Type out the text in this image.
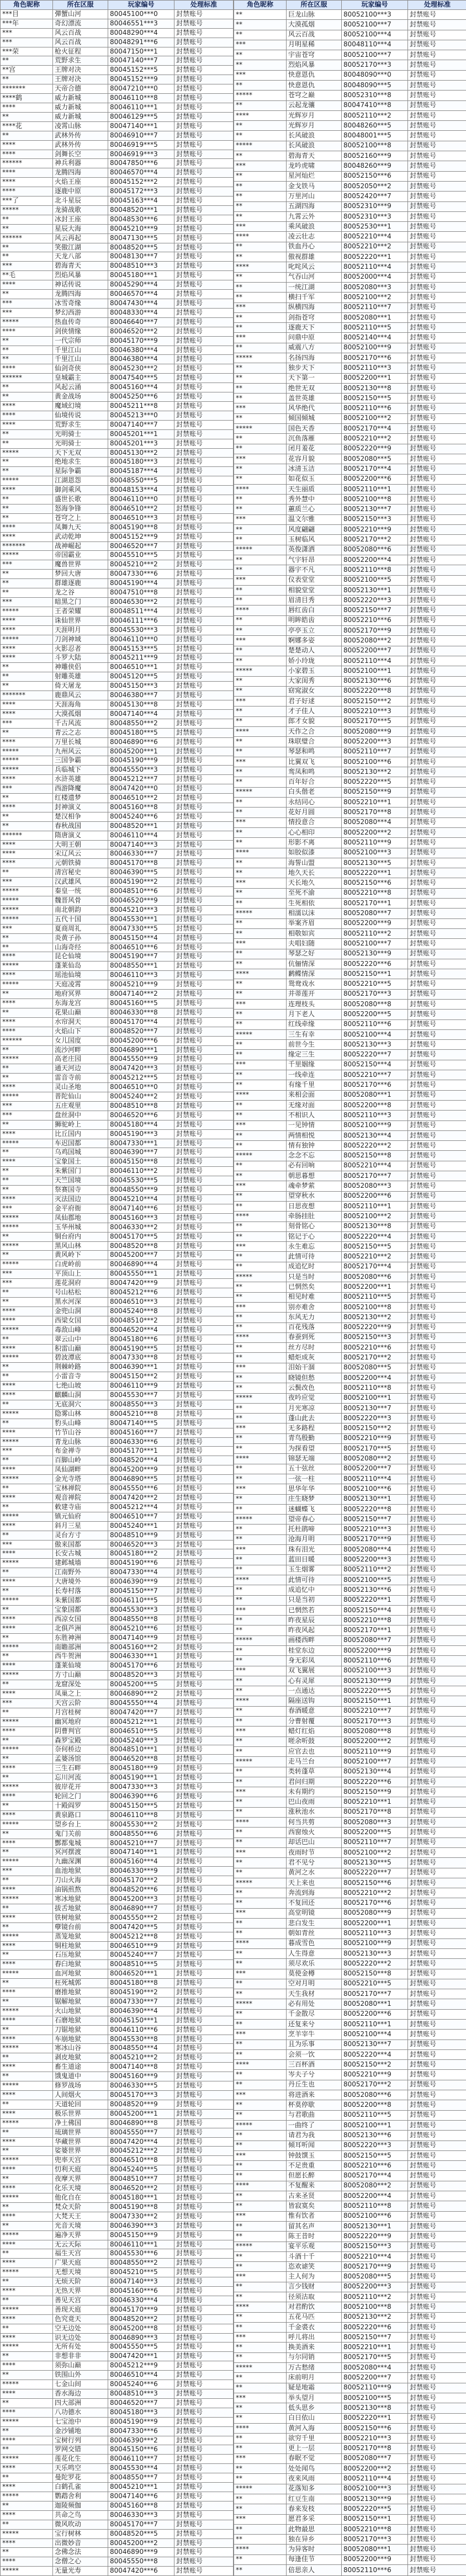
角色昵称	所在区服	玩家编号	处理标准
***目	彈蟹山河	80045100***0	封禁账号
***年	奇幻漂流	80046551***3	封禁账号
***	风云百战	80048290***4	封禁账号
***	风云百战	80048291***6	封禁账号
***荣	枪火征程	80047150***1	封禁账号
**	荒野求生	80047140***7	封禁账号
**宫	王牌对决	80045152***5	封禁账号
**	王牌对决	80045152***9	封禁账号
*******	天帝合德	80047210***0	封禁账号
****鹤	威力新城	80046110***8	封禁账号
****	威力新城	80046110***1	封禁账号
**	威力新城	80046129***5	封禁账号
****花	凌霄山脉	80047140***1	封禁账号
**	武林外传	80046910***7	封禁账号
****	武林外传	80046919***5	封禁账号
****	剑舞长空	80046919***3	封禁账号
******	神兵利器	80047850***6	封禁账号
****	龙腾四海	80046570***4	封禁账号
****	火焰王座	80045152***2	封禁账号
****	逐鹿中原	80045172***3	封禁账号
***了	北斗星辰	80045163***4	封禁账号
*****	龙骑战歌	80048520***1	封禁账号
**	冰封王座	80048530***6	封禁账号
**	星辰大海	80045210***9	封禁账号
******	风云再起	80047130***5	封禁账号
**	笑傲江湖	80048520***5	封禁账号
**	天龙八部	80048130***7	封禁账号
***	碧海青天	80048510***3	封禁账号
**毛	烈焰风暴	80045180***1	封禁账号
****	神话传说	80045290***4	封禁账号
**	龙腾四海	80046570***4	封禁账号
***	冰雪奇缘	80047430***4	封禁账号
***	梦幻西游	80048330***4	封禁账号
*****	热血传奇	80046640***7	封禁账号
****	剑侠情缘	80046520***2	封禁账号
**	一代宗师	80045170***9	封禁账号
**	千里江山	80046380***4	封禁账号
**	千里江山	80046380***4	封禁账号
****	仙剑奇侠	80045230***2	封禁账号
******	皇城霸主	80047540***5	封禁账号
**	风起云涌	80045160***4	封禁账号
**	黄金战场	80045250***6	封禁账号
****	魔域幻境	80045211***8	封禁账号
****	仙境传说	80045213***0	封禁账号
****	荒野求生	80047140***7	封禁账号
**	光明骑士	80045201***1	封禁账号
**	光明骑士	80045201***3	封禁账号
*****	天下无双	80045130***2	封禁账号
**	绝地求生	80045180***3	封禁账号
**	星际争霸	80045187***4	封禁账号
*****	江湖恩怨	80048550***5	封禁账号
****	御剑乘风	80048153***4	封禁账号
**	盛世长歌	80046110***0	封禁账号
**	怒海争锋	80046510***2	封禁账号
**	苍穹之上	80046510***3	封禁账号
****	凤舞九天	80045190***8	封禁账号
****	武动乾坤	80045152***9	封禁账号
*******	战神崛起	80046520***7	封禁账号
*****	帝国霸业	80045510***5	封禁账号
***	魔兽世界	80045210***2	封禁账号
**	梦回大唐	80047330***6	封禁账号
**	群雄逐鹿	80045190***4	封禁账号
**	龙之谷	80047510***8	封禁账号
***	暗黑之门	80046530***2	封禁账号
*****	王者荣耀	80048511***4	封禁账号
****	诛仙世界	80046111***6	封禁账号
****	天涯明月	80045530***3	封禁账号
*****	刀剑神域	80046110***0	封禁账号
****	火影忍者	80045153***5	封禁账号
****	斗罗大陆	80045211***9	封禁账号
**	神雕侠侣	80046510***1	封禁账号
**	射雕英雄	80045120***5	封禁账号
**	倚天屠龙	80045150***3	封禁账号
*******	鹿鼎风云	80046380***7	封禁账号
****	天涯海角	80045130***8	封禁账号
****	大漠孤烟	80047140***4	封禁账号
***	千古风流	80048550***2	封禁账号
**	青云之志	80045180***5	封禁账号
****	万里长城	80046890***6	封禁账号
*****	九州风云	80045200***1	封禁账号
*****	三国争霸	80045190***9	封禁账号
*****	兵临城下	80045550***3	封禁账号
****	水浒英雄	80045212***7	封禁账号
***	西游降魔	80047420***0	封禁账号
**	红楼遗梦	80046510***2	封禁账号
****	封神演义	80045160***8	封禁账号
**	楚汉相争	80045240***6	封禁账号
**	春秋战国	80048520***1	封禁账号
******	隋唐演义	80046110***4	封禁账号
****	大明王朝	80047140***3	封禁账号
****	宋辽风云	80046330***7	封禁账号
****	元朝铁骑	80045170***8	封禁账号
**	清宫秘史	80046390***5	封禁账号
***	汉武雄风	80045190***2	封禁账号
*****	秦皇一统	80048510***6	封禁账号
*****	魏晋风骨	80046520***9	封禁账号
*****	南北朝韵	80045210***3	封禁账号
*****	五代十国	80045530***1	封禁账号
***	夏商周礼	80047330***5	封禁账号
**	炎黄子孙	80045150***4	封禁账号
**	山海奇经	80046510***6	封禁账号
****	昆仑仙境	80045190***7	封禁账号
*****	蓬莱仙岛	80048550***1	封禁账号
****	瑶池仙境	80046110***3	封禁账号
*****	天庭凌霄	80045210***9	封禁账号
**	地府冥界	80047140***2	封禁账号
****	东海龙宫	80045160***5	封禁账号
**	花果山巅	80046330***8	封禁账号
****	水帘洞天	80045170***4	封禁账号
****	火焰山下	80048520***7	封禁账号
******	女儿国度	80045200***6	封禁账号
**	流沙河畔	80046890***1	封禁账号
*****	高老庄园	80045550***9	封禁账号
**	通天河边	80047420***3	封禁账号
**	雷音寺前	80045212***5	封禁账号
****	灵山圣地	80046510***0	封禁账号
*****	普陀仙山	80045240***2	封禁账号
***	五庄观里	80048510***8	封禁账号
***	盘丝洞中	80046520***6	封禁账号
**	狮驼岭上	80045180***4	封禁账号
****	比丘国内	80045190***3	封禁账号
*****	车迟国都	80047330***1	封禁账号
**	乌鸡国城	80046390***7	封禁账号
****	宝象国土	80045150***8	封禁账号
**	朱紫国门	80046110***2	封禁账号
**	天竺国境	80045530***5	封禁账号
**	祭赛国寺	80048550***9	封禁账号
****	灭法国边	80045210***4	封禁账号
***	金平府衙	80047140***6	封禁账号
*****	凤仙郡地	80045160***3	封禁账号
*****	玉华州城	80046330***2	封禁账号
**	铜台府内	80045170***5	封禁账号
*****	黑风山林	80048520***8	封禁账号
**	黄风岭下	80045200***7	封禁账号
*****	白虎岭前	80046890***4	封禁账号
***	平顶山上	80045550***1	封禁账号
***	莲花洞府	80047420***9	封禁账号
**	号山枯松	80045212***6	封禁账号
**	黑水河深	80046510***3	封禁账号
****	金兜山洞	80045240***8	封禁账号
****	西梁女国	80048510***2	封禁账号
*****	毒敌山峰	80046520***4	封禁账号
**	翠云山中	80045180***6	封禁账号
****	积雷山巅	80045190***5	封禁账号
*****	碧波潭底	80047330***8	封禁账号
**	荆棘岭路	80046390***1	封禁账号
**	小雷音寺	80045150***2	封禁账号
****	七绝山坡	80046110***9	封禁账号
****	麒麟山洞	80045530***7	封禁账号
**	无底洞穴	80048550***3	封禁账号
*****	隐雾山林	80045210***8	封禁账号
**	豹头山峰	80047140***5	封禁账号
****	竹节山谷	80045160***7	封禁账号
*****	青龙山脉	80046330***6	封禁账号
***	布金禅寺	80045170***1	封禁账号
**	百脚山岭	80048520***4	封禁账号
****	凤仙湖畔	80045200***9	封禁账号
*****	金光寺塔	80046890***5	封禁账号
**	宝林禅院	80045550***6	封禁账号
****	观音禅院	80047420***2	封禁账号
**	敕建寺庙	80045212***4	封禁账号
*****	镇元仙府	80046510***7	封禁账号
****	斜月三星	80045240***1	封禁账号
**	灵台方寸	80048510***9	封禁账号
***	傲来国都	80046520***3	封禁账号
****	长安古城	80045180***2	封禁账号
*****	建邺城墙	80045190***6	封禁账号
**	江南野外	80047330***4	封禁账号
****	大唐境外	80046390***9	封禁账号
**	长寿村落	80045150***7	封禁账号
*****	朱紫国都	80046110***5	封禁账号
**	宝象国都	80045530***3	封禁账号
****	西凉女国	80048550***8	封禁账号
****	北俱芦洲	80045210***6	封禁账号
**	东胜神洲	80047140***9	封禁账号
*****	南瞻部洲	80045160***2	封禁账号
**	西牛贺洲	80046330***1	封禁账号
****	蓬莱仙境	80045170***6	封禁账号
*****	方寸山巅	80048520***3	封禁账号
**	龙窟深处	80045200***5	封禁账号
****	凤巢之上	80046890***2	封禁账号
***	天宫云阶	80045550***4	封禁账号
**	月宫桂树	80047420***7	封禁账号
*****	幽冥地府	80045212***1	封禁账号
****	阴曹判官	80046510***5	封禁账号
**	森罗宝殿	80045240***3	封禁账号
*****	奈何桥边	80048510***1	封禁账号
**	孟婆汤馆	80046520***8	封禁账号
****	三生石畔	80045180***9	封禁账号
**	忘川河流	80045190***1	封禁账号
*****	彼岸花开	80047330***3	封禁账号
****	轮回之门	80046390***6	封禁账号
**	十殿阎罗	80045150***5	封禁账号
****	黄泉路口	80046110***8	封禁账号
*****	望乡台上	80045530***2	封禁账号
**	鬼门关前	80048550***6	封禁账号
****	酆都鬼城	80045210***7	封禁账号
**	冥河摆渡	80047140***1	封禁账号
*****	九幽深渊	80045160***4	封禁账号
***	血池地狱	80046330***9	封禁账号
**	刀山火海	80045170***2	封禁账号
****	油锅煎熬	80048520***6	封禁账号
*****	寒冰地狱	80045200***3	封禁账号
**	拔舌地狱	80046890***7	封禁账号
****	铁树地狱	80045550***2	封禁账号
**	孽镜台前	80047420***5	封禁账号
*****	蒸笼地狱	80045212***8	封禁账号
****	铜柱地狱	80046510***9	封禁账号
**	石压地狱	80045240***7	封禁账号
****	舂臼地狱	80048510***5	封禁账号
*****	血河地狱	80046520***1	封禁账号
**	枉死城郭	80045180***8	封禁账号
****	磨推地狱	80045190***2	封禁账号
**	锯解地狱	80047330***7	封禁账号
*****	火山地狱	80046390***4	封禁账号
****	石磨地狱	80045150***1	封禁账号
**	刀锯地狱	80046110***6	封禁账号
****	车崩地狱	80045530***8	封禁账号
*****	寒冰山谷	80048550***4	封禁账号
**	剥皮地狱	80045210***2	封禁账号
****	畜生道途	80047140***8	封禁账号
**	饿鬼道中	80045160***9	封禁账号
*****	修罗战场	80046330***5	封禁账号
****	人间烟火	80045170***3	封禁账号
**	天道轮回	80048520***9	封禁账号
****	极乐世界	80045200***1	封禁账号
*****	净土佛国	80046890***8	封禁账号
**	琉璃世界	80045550***7	封禁账号
****	华藏世界	80047420***4	封禁账号
**	娑婆世界	80045212***2	封禁账号
*****	兜率天宫	80046510***8	封禁账号
****	忉利天庭	80045240***5	封禁账号
**	夜摩天界	80048510***7	封禁账号
****	化乐天境	80046520***2	封禁账号
*****	他化自在	80045180***1	封禁账号
**	梵众天阶	80045190***8	封禁账号
****	大梵天王	80047330***2	封禁账号
**	光音天境	80046390***3	封禁账号
*****	遍净天界	80045150***9	封禁账号
****	无云天际	80046110***1	封禁账号
**	福生天宫	80045530***6	封禁账号
****	广果天庭	80048550***2	封禁账号
*****	无想天境	80045210***5	封禁账号
**	无烦天阶	80047140***3	封禁账号
****	无热天界	80045160***6	封禁账号
**	善见天宫	80046330***4	封禁账号
*****	善现天庭	80045170***9	封禁账号
****	色究竟天	80048520***2	封禁账号
**	空无边处	80045200***8	封禁账号
****	识无边处	80046890***3	封禁账号
*****	无所有处	80045550***5	封禁账号
**	非想非非	80047420***1	封禁账号
****	须弥山巅	80045212***9	封禁账号
**	铁围山外	80046510***4	封禁账号
*****	七金山间	80045240***6	封禁账号
****	香水海边	80048510***3	封禁账号
**	四大部洲	80046520***7	封禁账号
****	八功德水	80045180***3	封禁账号
*****	七宝池中	80045190***9	封禁账号
**	金沙铺地	80047330***6	封禁账号
****	宝树行列	80046390***2	封禁账号
**	罗网交错	80045150***6	封禁账号
*****	莲花化生	80046110***7	封禁账号
****	天乐鸣空	80045530***4	封禁账号
**	曼陀罗花	80048550***7	封禁账号
****	白鹤孔雀	80045210***1	封禁账号
*****	鹦鹉舍利	80047140***6	封禁账号
**	迦陵频伽	80045160***8	封禁账号
****	共命之鸟	80046330***3	封禁账号
**	微风吹动	80045170***7	封禁账号
*****	宝行树林	80048520***5	封禁账号
****	出微妙音	80045200***2	封禁账号
**	念佛念法	80046890***9	封禁账号
****	念僧之心	80045550***8	封禁账号
*****	无量光寿	80047420***6	封禁账号
角色昵称	所在区服	玩家编号	处理标准
**	巨龙山脉	80052100***3	封禁账号
**	大漠孤烟	80052100***7	封禁账号
**	风云百战	80052100***4	封禁账号
***	月明星稀	80048110***4	封禁账号
**	宇宙苍穹	80052100***7	封禁账号
**	烈焰风暴	80052170***3	封禁账号
***	快意恩仇	80048090***0	封禁账号
**	快意恩仇	80048090***5	封禁账号
*****	苍穹之巅	80052310***8	封禁账号
**	云起龙骧	80047410***8	封禁账号
****	光辉岁月	80052110***2	封禁账号
**	光辉岁月	80048260***5	封禁账号
**	长风破浪	80048001***5	封禁账号
*****	长风破浪	80052100***8	封禁账号
**	碧海青天	80052160***9	封禁账号
***	龙吟虎啸	80048260***9	封禁账号
**	星河灿烂	80052150***6	封禁账号
**	金戈铁马	80052050***2	封禁账号
**	万里河山	80052420***7	封禁账号
**	五湖四海	80052310***9	封禁账号
**	九霄云外	80052310***3	封禁账号
***	乘风破浪	80052530***1	封禁账号
****	凌云壮志	80052210***4	封禁账号
**	铁血丹心	80052210***2	封禁账号
**	傲视群雄	80052220***1	封禁账号
****	叱咤风云	80052110***4	封禁账号
**	气吞山河	80052000***4	封禁账号
**	一统江湖	80052080***3	封禁账号
**	横扫千军	80052100***2	封禁账号
***	纵横四海	80052110***7	封禁账号
**	剑指苍穹	80052080***1	封禁账号
**	逐鹿天下	80052110***5	封禁账号
***	问鼎中原	80052140***4	封禁账号
**	威震八方	80052100***9	封禁账号
*****	名扬四海	80052170***6	封禁账号
**	独步天下	80052110***3	封禁账号
**	天下第一	80052200***1	封禁账号
**	绝世无双	80052130***8	封禁账号
**	盖世英雄	80052150***5	封禁账号
***	风华绝代	80052110***6	封禁账号
**	倾国倾城	80052100***2	封禁账号
*****	国色天香	80052170***4	封禁账号
**	沉鱼落雁	80052210***2	封禁账号
**	闭月羞花	80052220***9	封禁账号
***	花容月貌	80052080***5	封禁账号
**	冰清玉洁	80052170***4	封禁账号
**	如花似玉	80052200***6	封禁账号
****	天生丽质	80052110***1	封禁账号
**	秀外慧中	80052100***8	封禁账号
**	蕙质兰心	80052130***7	封禁账号
***	温文尔雅	80052150***3	封禁账号
**	风度翩翩	80052210***9	封禁账号
**	玉树临风	80052170***2	封禁账号
*****	英俊潇洒	80052080***6	封禁账号
**	气宇轩昂	80052200***4	封禁账号
**	器宇不凡	80052110***8	封禁账号
***	仪表堂堂	80052100***5	封禁账号
**	相貌堂堂	80052130***1	封禁账号
**	眉清目秀	80052220***3	封禁账号
****	唇红齿白	80052150***7	封禁账号
**	明眸皓齿	80052210***6	封禁账号
**	亭亭玉立	80052170***9	封禁账号
***	婀娜多姿	80052080***2	封禁账号
**	楚楚动人	80052200***7	封禁账号
**	娇小玲珑	80052110***4	封禁账号
*****	小家碧玉	80052100***1	封禁账号
**	大家闺秀	80052130***6	封禁账号
**	窈窕淑女	80052220***8	封禁账号
***	君子好逑	80052150***2	封禁账号
**	才子佳人	80052210***3	封禁账号
**	郎才女貌	80052170***5	封禁账号
****	天作之合	80052080***9	封禁账号
**	珠联璧合	80052200***3	封禁账号
**	琴瑟和鸣	80052110***7	封禁账号
***	比翼双飞	80052100***6	封禁账号
**	鸾凤和鸣	80052130***2	封禁账号
**	百年好合	80052220***5	封禁账号
*****	白头偕老	80052150***9	封禁账号
**	永结同心	80052210***1	封禁账号
**	花好月圆	80052170***8	封禁账号
***	情投意合	80052080***4	封禁账号
**	心心相印	80052200***2	封禁账号
**	形影不离	80052110***9	封禁账号
****	如胶似漆	80052100***3	封禁账号
**	海誓山盟	80052130***5	封禁账号
**	地久天长	80052220***1	封禁账号
***	天长地久	80052150***6	封禁账号
**	至死不渝	80052210***8	封禁账号
**	生死相依	80052170***1	封禁账号
*****	相濡以沫	80052080***7	封禁账号
**	举案齐眉	80052200***9	封禁账号
**	相敬如宾	80052110***2	封禁账号
***	夫唱妇随	80052100***7	封禁账号
**	琴瑟之好	80052130***9	封禁账号
**	伉俪情深	80052220***6	封禁账号
****	鹣鲽情深	80052150***1	封禁账号
**	鸳鸯戏水	80052210***5	封禁账号
**	并蒂莲开	80052170***3	封禁账号
***	连理枝头	80052080***8	封禁账号
**	月下老人	80052200***5	封禁账号
**	红线牵缘	80052110***6	封禁账号
*****	三生有幸	80052100***4	封禁账号
**	前世今生	80052130***3	封禁账号
**	缘定三生	80052220***7	封禁账号
***	千里姻缘	80052150***4	封禁账号
**	一线牵连	80052210***7	封禁账号
**	有缘千里	80052170***6	封禁账号
****	来相会面	80052080***1	封禁账号
**	无缘对面	80052200***8	封禁账号
**	不相识人	80052110***3	封禁账号
***	一见钟情	80052100***9	封禁账号
**	两情相悦	80052130***4	封禁账号
**	情有独钟	80052220***2	封禁账号
*****	念念不忘	80052150***8	封禁账号
**	必有回响	80052210***4	封禁账号
**	朝思暮想	80052170***7	封禁账号
***	魂牵梦萦	80052080***3	封禁账号
**	望穿秋水	80052200***6	封禁账号
**	日思夜想	80052110***1	封禁账号
****	牵肠挂肚	80052100***2	封禁账号
**	刻骨铭心	80052130***8	封禁账号
**	铭记于心	80052220***4	封禁账号
***	永生难忘	80052150***5	封禁账号
**	此情可待	80052210***2	封禁账号
**	成追忆时	80052170***4	封禁账号
*****	只是当时	80052080***6	封禁账号
**	已惘然矣	80052200***1	封禁账号
**	相见时难	80052110***5	封禁账号
***	别亦难舍	80052100***8	封禁账号
**	东风无力	80052130***2	封禁账号
**	百花残落	80052220***9	封禁账号
****	春蚕到死	80052150***3	封禁账号
**	丝方尽时	80052210***6	封禁账号
**	蜡炬成灰	80052170***2	封禁账号
***	泪始干涸	80052080***5	封禁账号
**	晓镜但愁	80052200***4	封禁账号
**	云鬓改色	80052110***8	封禁账号
*****	夜吟应觉	80052100***1	封禁账号
**	月光寒凉	80052130***7	封禁账号
**	蓬山此去	80052220***3	封禁账号
***	无多路程	80052150***2	封禁账号
**	青鸟殷勤	80052210***9	封禁账号
**	为探看望	80052170***5	封禁账号
****	锦瑟无端	80052080***2	封禁账号
**	五十弦丝	80052200***7	封禁账号
**	一弦一柱	80052110***4	封禁账号
***	思华年华	80052100***6	封禁账号
**	庄生晓梦	80052130***1	封禁账号
**	迷蝴蝶飞	80052220***8	封禁账号
*****	望帝春心	80052150***7	封禁账号
**	托杜鹃啼	80052210***3	封禁账号
**	沧海月明	80052170***9	封禁账号
***	珠有泪光	80052080***4	封禁账号
**	蓝田日暖	80052200***3	封禁账号
**	玉生烟雾	80052110***2	封禁账号
****	此情可待	80052100***5	封禁账号
**	成追忆中	80052130***6	封禁账号
**	只是当初	80052220***1	封禁账号
***	已惘然若	80052150***4	封禁账号
**	昨夜星辰	80052210***8	封禁账号
**	昨夜风起	80052170***1	封禁账号
*****	画楼西畔	80052080***7	封禁账号
**	桂堂东边	80052200***9	封禁账号
**	身无彩凤	80052110***6	封禁账号
***	双飞翼展	80052100***3	封禁账号
**	心有灵犀	80052130***9	封禁账号
**	一点通达	80052220***5	封禁账号
****	隔座送钩	80052150***1	封禁账号
**	春酒暖意	80052210***7	封禁账号
**	分曹射覆	80052170***3	封禁账号
***	蜡灯红焰	80052080***8	封禁账号
**	嗟余听鼓	80052200***2	封禁账号
**	应官去也	80052110***9	封禁账号
*****	走马兰台	80052100***7	封禁账号
**	类转蓬草	80052130***4	封禁账号
**	君问归期	80052220***6	封禁账号
***	未有期约	80052150***9	封禁账号
**	巴山夜雨	80052210***1	封禁账号
**	涨秋池水	80052170***8	封禁账号
****	何当共剪	80052080***3	封禁账号
**	西窗烛火	80052200***5	封禁账号
**	却话巴山	80052110***7	封禁账号
***	夜雨时节	80052100***2	封禁账号
**	君不见兮	80052130***5	封禁账号
**	黄河之水	80052220***7	封禁账号
*****	天上来也	80052150***6	封禁账号
**	奔流到海	80052210***2	封禁账号
**	不复回还	80052170***6	封禁账号
***	高堂明镜	80052080***9	封禁账号
**	悲白发生	80052200***1	封禁账号
**	朝如青丝	80052110***3	封禁账号
****	暮成雪色	80052100***9	封禁账号
**	人生得意	80052130***3	封禁账号
**	须尽欢乐	80052220***2	封禁账号
***	莫使金樽	80052150***8	封禁账号
**	空对月明	80052210***5	封禁账号
**	天生我材	80052170***7	封禁账号
*****	必有用处	80052080***1	封禁账号
**	千金散尽	80052200***6	封禁账号
**	还复来兮	80052110***1	封禁账号
***	烹羊宰牛	80052100***4	封禁账号
**	且为乐事	80052130***7	封禁账号
**	会须一饮	80052220***4	封禁账号
****	三百杯酒	80052150***2	封禁账号
**	岑夫子兮	80052210***9	封禁账号
**	丹丘生也	80052170***2	封禁账号
***	将进酒来	80052080***6	封禁账号
**	杯莫停歇	80052200***8	封禁账号
**	与君歌曲	80052110***5	封禁账号
*****	一曲终了	80052100***1	封禁账号
**	请君为我	80052130***6	封禁账号
**	倾耳听闻	80052220***3	封禁账号
***	钟鼓馔玉	80052150***5	封禁账号
**	不足贵重	80052210***6	封禁账号
**	但愿长醉	80052170***4	封禁账号
****	不复醒来	80052080***2	封禁账号
**	古来圣贤	80052200***4	封禁账号
**	皆寂寞矣	80052110***8	封禁账号
***	惟有饮者	80052100***6	封禁账号
**	留其名声	80052130***1	封禁账号
**	陈王昔时	80052220***9	封禁账号
*****	宴平乐观	80052150***3	封禁账号
**	斗酒十千	80052210***4	封禁账号
**	恣欢谑笑	80052170***9	封禁账号
***	主人何为	80052080***5	封禁账号
**	言少钱财	80052200***3	封禁账号
**	径须沽取	80052110***2	封禁账号
****	对君酌饮	80052100***8	封禁账号
**	五花马匹	80052130***2	封禁账号
**	千金裘衣	80052220***6	封禁账号
***	呼儿将出	80052150***7	封禁账号
**	换美酒来	80052210***1	封禁账号
**	与尔同销	80052170***5	封禁账号
*****	万古愁绪	80052080***4	封禁账号
**	床前明月	80052200***7	封禁账号
**	疑是地霜	80052110***9	封禁账号
***	举头望月	80052100***5	封禁账号
**	低头思乡	80052130***8	封禁账号
**	白日依山	80052220***1	封禁账号
****	黄河入海	80052150***6	封禁账号
**	欲穷千里	80052210***3	封禁账号
**	更上一层	80052170***8	封禁账号
***	春眠不觉	80052080***7	封禁账号
**	处处闻鸟	80052200***2	封禁账号
**	夜来风雨	80052110***4	封禁账号
*****	花落知多	80052100***3	封禁账号
**	红豆生南	80052130***9	封禁账号
**	春来发枝	80052220***5	封禁账号
***	愿君多采	80052150***1	封禁账号
**	此物最思	80052210***8	封禁账号
**	独在异乡	80052170***3	封禁账号
****	为异客时	80052080***1	封禁账号
**	每逢佳节	80052200***9	封禁账号
**	倍思亲人	80052110***6	封禁账号
